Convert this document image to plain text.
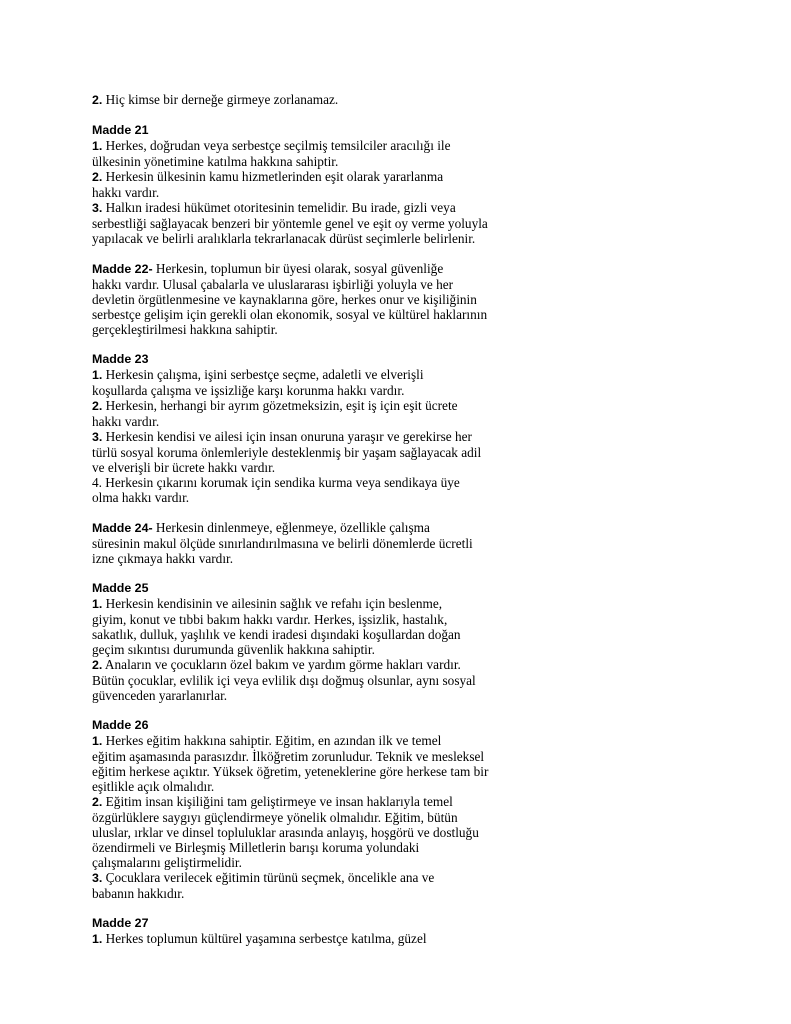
2. Hiç kimse bir derneğe girmeye zorlanamaz.
Madde 21
1. Herkes, doğrudan veya serbestçe seçilmiş temsilciler aracılığı ile
ülkesinin yönetimine katılma hakkına sahiptir.
2. Herkesin ülkesinin kamu hizmetlerinden eşit olarak yararlanma
hakkı vardır.
3. Halkın iradesi hükümet otoritesinin temelidir. Bu irade, gizli veya
serbestliği sağlayacak benzeri bir yöntemle genel ve eşit oy verme yoluyla
yapılacak ve belirli aralıklarla tekrarlanacak dürüst seçimlerle belirlenir.
Madde 22- Herkesin, toplumun bir üyesi olarak, sosyal güvenliğe
hakkı vardır. Ulusal çabalarla ve uluslararası işbirliği yoluyla ve her
devletin örgütlenmesine ve kaynaklarına göre, herkes onur ve kişiliğinin
serbestçe gelişim için gerekli olan ekonomik, sosyal ve kültürel haklarının
gerçekleştirilmesi hakkına sahiptir.
Madde 23
1. Herkesin çalışma, işini serbestçe seçme, adaletli ve elverişli
koşullarda çalışma ve işsizliğe karşı korunma hakkı vardır.
2. Herkesin, herhangi bir ayrım gözetmeksizin, eşit iş için eşit ücrete
hakkı vardır.
3. Herkesin kendisi ve ailesi için insan onuruna yaraşır ve gerekirse her
türlü sosyal koruma önlemleriyle desteklenmiş bir yaşam sağlayacak adil
ve elverişli bir ücrete hakkı vardır.
4. Herkesin çıkarını korumak için sendika kurma veya sendikaya üye
olma hakkı vardır.
Madde 24- Herkesin dinlenmeye, eğlenmeye, özellikle çalışma
süresinin makul ölçüde sınırlandırılmasına ve belirli dönemlerde ücretli
izne çıkmaya hakkı vardır.
Madde 25
1. Herkesin kendisinin ve ailesinin sağlık ve refahı için beslenme,
giyim, konut ve tıbbi bakım hakkı vardır. Herkes, işsizlik, hastalık,
sakatlık, dulluk, yaşlılık ve kendi iradesi dışındaki koşullardan doğan
geçim sıkıntısı durumunda güvenlik hakkına sahiptir.
2. Anaların ve çocukların özel bakım ve yardım görme hakları vardır.
Bütün çocuklar, evlilik içi veya evlilik dışı doğmuş olsunlar, aynı sosyal
güvenceden yararlanırlar.
Madde 26
1. Herkes eğitim hakkına sahiptir. Eğitim, en azından ilk ve temel
eğitim aşamasında parasızdır. İlköğretim zorunludur. Teknik ve mesleksel
eğitim herkese açıktır. Yüksek öğretim, yeteneklerine göre herkese tam bir
eşitlikle açık olmalıdır.
2. Eğitim insan kişiliğini tam geliştirmeye ve insan haklarıyla temel
özgürlüklere saygıyı güçlendirmeye yönelik olmalıdır. Eğitim, bütün
uluslar, ırklar ve dinsel topluluklar arasında anlayış, hoşgörü ve dostluğu
özendirmeli ve Birleşmiş Milletlerin barışı koruma yolundaki
çalışmalarını geliştirmelidir.
3. Çocuklara verilecek eğitimin türünü seçmek, öncelikle ana ve
babanın hakkıdır.
Madde 27
1. Herkes toplumun kültürel yaşamına serbestçe katılma, güzel
